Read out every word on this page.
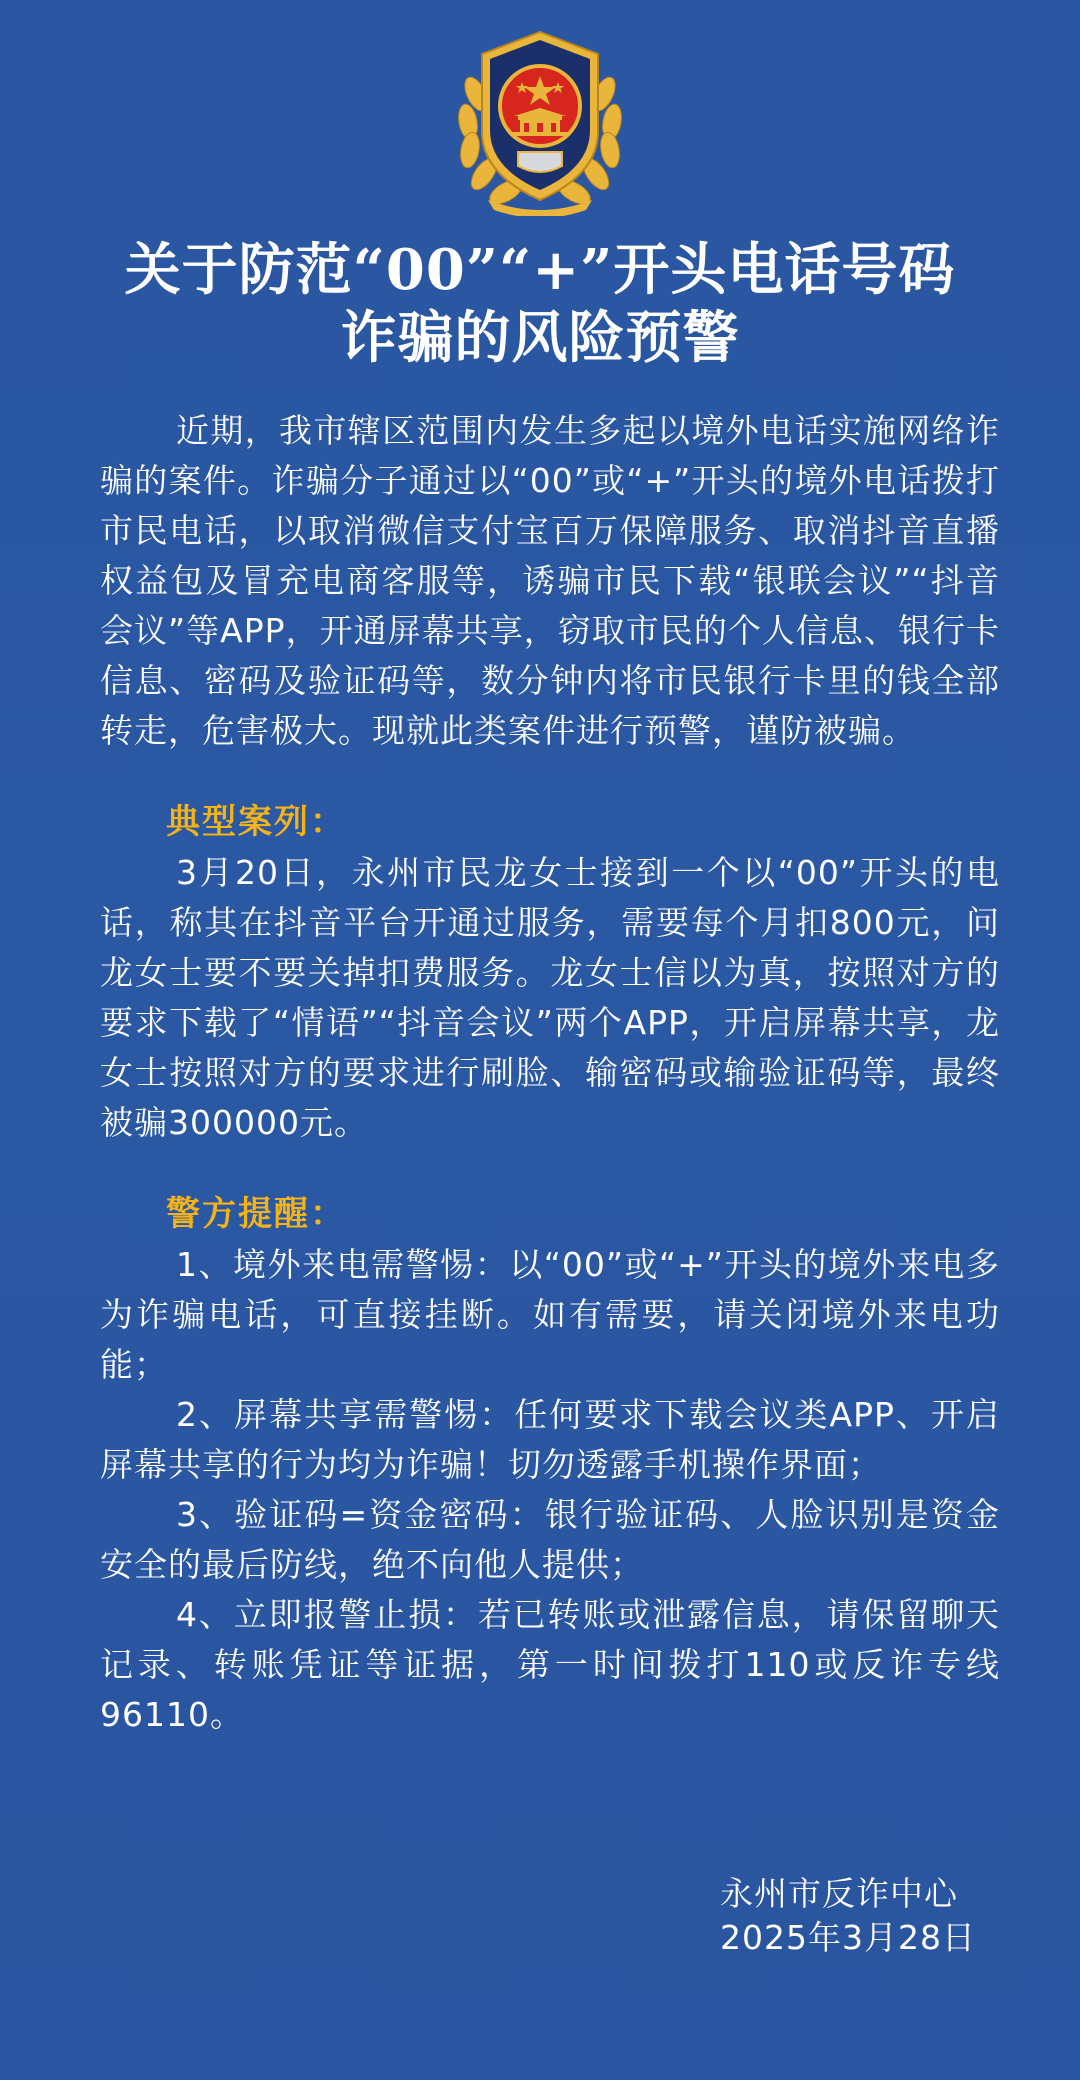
关于防范“00”“+”开头电话号码
诈骗的风险预警

近期，我市辖区范围内发生多起以境外电话实施网络诈骗的案件。诈骗分子通过以“00”或“+”开头的境外电话拨打市民电话，以取消微信支付宝百万保障服务、取消抖音直播权益包及冒充电商客服等，诱骗市民下载“银联会议”“抖音会议”等APP，开通屏幕共享，窃取市民的个人信息、银行卡信息、密码及验证码等，数分钟内将市民银行卡里的钱全部转走，危害极大。现就此类案件进行预警，谨防被骗。

典型案列：

3月20日，永州市民龙女士接到一个以“00”开头的电话，称其在抖音平台开通过服务，需要每个月扣800元，问龙女士要不要关掉扣费服务。龙女士信以为真，按照对方的要求下载了“情语”“抖音会议”两个APP，开启屏幕共享，龙女士按照对方的要求进行刷脸、输密码或输验证码等，最终被骗300000元。

警方提醒：

1、境外来电需警惕：以“00”或“+”开头的境外来电多为诈骗电话，可直接挂断。如有需要，请关闭境外来电功能；

2、屏幕共享需警惕：任何要求下载会议类APP、开启屏幕共享的行为均为诈骗！切勿透露手机操作界面；

3、验证码=资金密码：银行验证码、人脸识别是资金安全的最后防线，绝不向他人提供；

4、立即报警止损：若已转账或泄露信息，请保留聊天记录、转账凭证等证据，第一时间拨打110或反诈专线96110。

永州市反诈中心
2025年3月28日
